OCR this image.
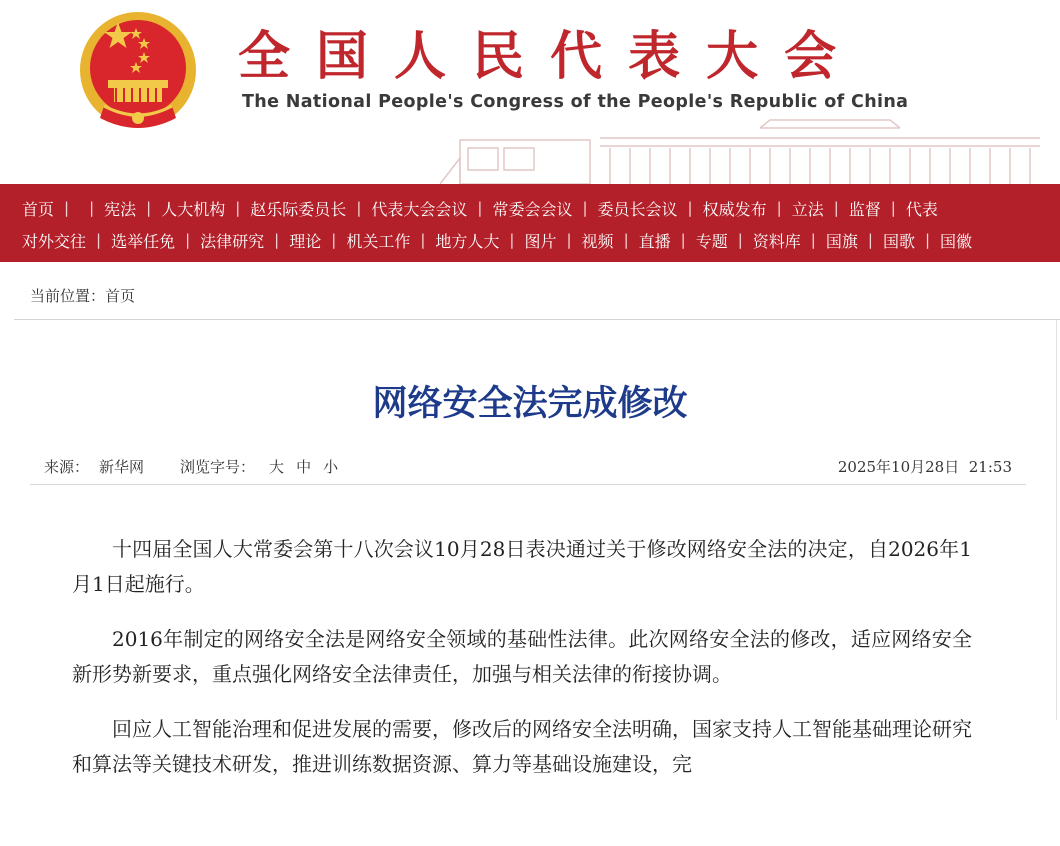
全 国 人 民 代 表 大 会
The National People's Congress of the People's Republic of China
首页 | | 宪法 | 人大机构 | 赵乐际委员长 | 代表大会会议 | 常委会会议 | 委员长会议 | 权威发布 | 立法 | 监督 | 代表
对外交往 | 选举任免 | 法律研究 | 理论 | 机关工作 | 地方人大 | 图片 | 视频 | 直播 | 专题 | 资料库 | 国旗 | 国歌 | 国徽
当前位置： 首页
网络安全法完成修改
来源： 新华网 浏览字号： 大 中 小	2025年10月28日  21:53

十四届全国人大常委会第十八次会议10月28日表决通过关于修改网络安全法的决定，自2026年1月1日起施行。

2016年制定的网络安全法是网络安全领域的基础性法律。此次网络安全法的修改，适应网络安全新形势新要求，重点强化网络安全法律责任，加强与相关法律的衔接协调。

回应人工智能治理和促进发展的需要，修改后的网络安全法明确，国家支持人工智能基础理论研究和算法等关键技术研发，推进训练数据资源、算力等基础设施建设，完
